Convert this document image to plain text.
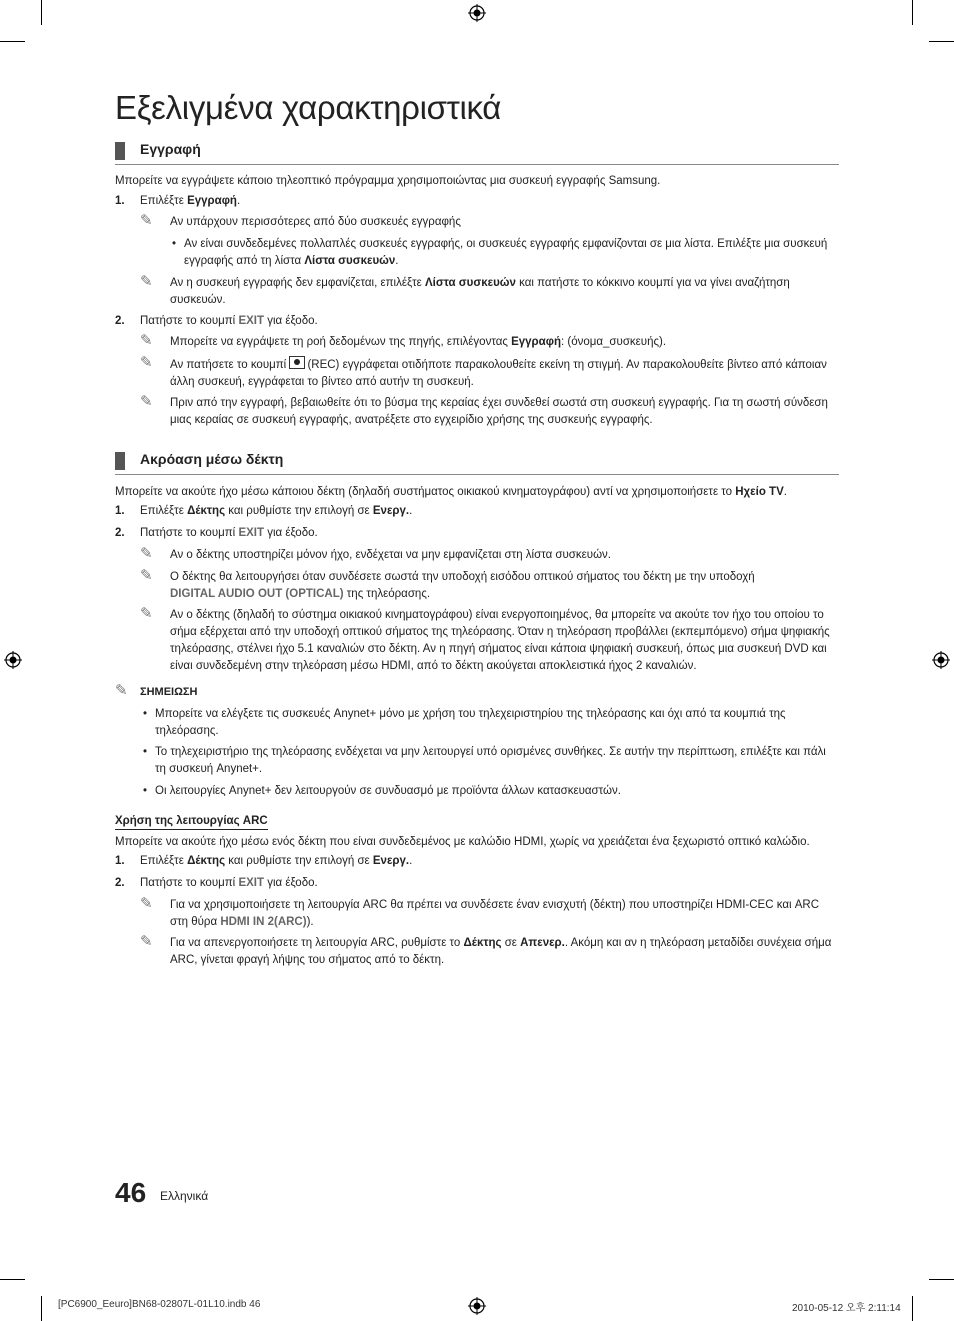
Εξελιγμένα χαρακτηριστικά
Εγγραφή
Μπορείτε να εγγράψετε κάποιο τηλεοπτικό πρόγραμμα χρησιμοποιώντας μια συσκευή εγγραφής Samsung.
1. Επιλέξτε Εγγραφή.
✎ Αν υπάρχουν περισσότερες από δύο συσκευές εγγραφής
• Αν είναι συνδεδεμένες πολλαπλές συσκευές εγγραφής, οι συσκευές εγγραφής εμφανίζονται σε μια λίστα. Επιλέξτε μια συσκευή εγγραφής από τη λίστα Λίστα συσκευών.
✎ Αν η συσκευή εγγραφής δεν εμφανίζεται, επιλέξτε Λίστα συσκευών και πατήστε το κόκκινο κουμπί για να γίνει αναζήτηση συσκευών.
2. Πατήστε το κουμπί EXIT για έξοδο.
✎ Μπορείτε να εγγράψετε τη ροή δεδομένων της πηγής, επιλέγοντας Εγγραφή: (όνομα_συσκευής).
✎ Αν πατήσετε το κουμπί (REC) εγγράφεται οτιδήποτε παρακολουθείτε εκείνη τη στιγμή. Αν παρακολουθείτε βίντεο από κάποιαν άλλη συσκευή, εγγράφεται το βίντεο από αυτήν τη συσκευή.
✎ Πριν από την εγγραφή, βεβαιωθείτε ότι το βύσμα της κεραίας έχει συνδεθεί σωστά στη συσκευή εγγραφής. Για τη σωστή σύνδεση μιας κεραίας σε συσκευή εγγραφής, ανατρέξετε στο εγχειρίδιο χρήσης της συσκευής εγγραφής.
Ακρόαση μέσω δέκτη
Μπορείτε να ακούτε ήχο μέσω κάποιου δέκτη (δηλαδή συστήματος οικιακού κινηματογράφου) αντί να χρησιμοποιήσετε το Ηχείο TV.
1. Επιλέξτε Δέκτης και ρυθμίστε την επιλογή σε Ενεργ..
2. Πατήστε το κουμπί EXIT για έξοδο.
✎ Αν ο δέκτης υποστηρίζει μόνον ήχο, ενδέχεται να μην εμφανίζεται στη λίστα συσκευών.
✎ Ο δέκτης θα λειτουργήσει όταν συνδέσετε σωστά την υποδοχή εισόδου οπτικού σήματος του δέκτη με την υποδοχή
DIGITAL AUDIO OUT (OPTICAL) της τηλεόρασης.
✎ Αν ο δέκτης (δηλαδή το σύστημα οικιακού κινηματογράφου) είναι ενεργοποιημένος, θα μπορείτε να ακούτε τον ήχο του οποίου το σήμα εξέρχεται από την υποδοχή οπτικού σήματος της τηλεόρασης. Όταν η τηλεόραση προβάλλει (εκπεμπόμενο) σήμα ψηφιακής τηλεόρασης, στέλνει ήχο 5.1 καναλιών στο δέκτη. Αν η πηγή σήματος είναι κάποια ψηφιακή συσκευή, όπως μια συσκευή DVD και είναι συνδεδεμένη στην τηλεόραση μέσω HDMI, από το δέκτη ακούγεται αποκλειστικά ήχος 2 καναλιών.
✎ ΣΗΜΕΙΩΣΗ
• Μπορείτε να ελέγξετε τις συσκευές Anynet+ μόνο με χρήση του τηλεχειριστηρίου της τηλεόρασης και όχι από τα κουμπιά της τηλεόρασης.
• Το τηλεχειριστήριο της τηλεόρασης ενδέχεται να μην λειτουργεί υπό ορισμένες συνθήκες. Σε αυτήν την περίπτωση, επιλέξτε και πάλι τη συσκευή Anynet+.
• Οι λειτουργίες Anynet+ δεν λειτουργούν σε συνδυασμό με προϊόντα άλλων κατασκευαστών.
Χρήση της λειτουργίας ARC
Μπορείτε να ακούτε ήχο μέσω ενός δέκτη που είναι συνδεδεμένος με καλώδιο HDMI, χωρίς να χρειάζεται ένα ξεχωριστό οπτικό καλώδιο.
1. Επιλέξτε Δέκτης και ρυθμίστε την επιλογή σε Ενεργ..
2. Πατήστε το κουμπί EXIT για έξοδο.
✎ Για να χρησιμοποιήσετε τη λειτουργία ARC θα πρέπει να συνδέσετε έναν ενισχυτή (δέκτη) που υποστηρίζει HDMI-CEC και ARC στη θύρα HDMI IN 2(ARC)).
✎ Για να απενεργοποιήσετε τη λειτουργία ARC, ρυθμίστε το Δέκτης σε Απενερ.. Ακόμη και αν η τηλεόραση μεταδίδει συνέχεια σήμα ARC, γίνεται φραγή λήψης του σήματος από το δέκτη.
46 Ελληνικά
[PC6900_Eeuro]BN68-02807L-01L10.indb 46	2010-05-12 오후 2:11:14
